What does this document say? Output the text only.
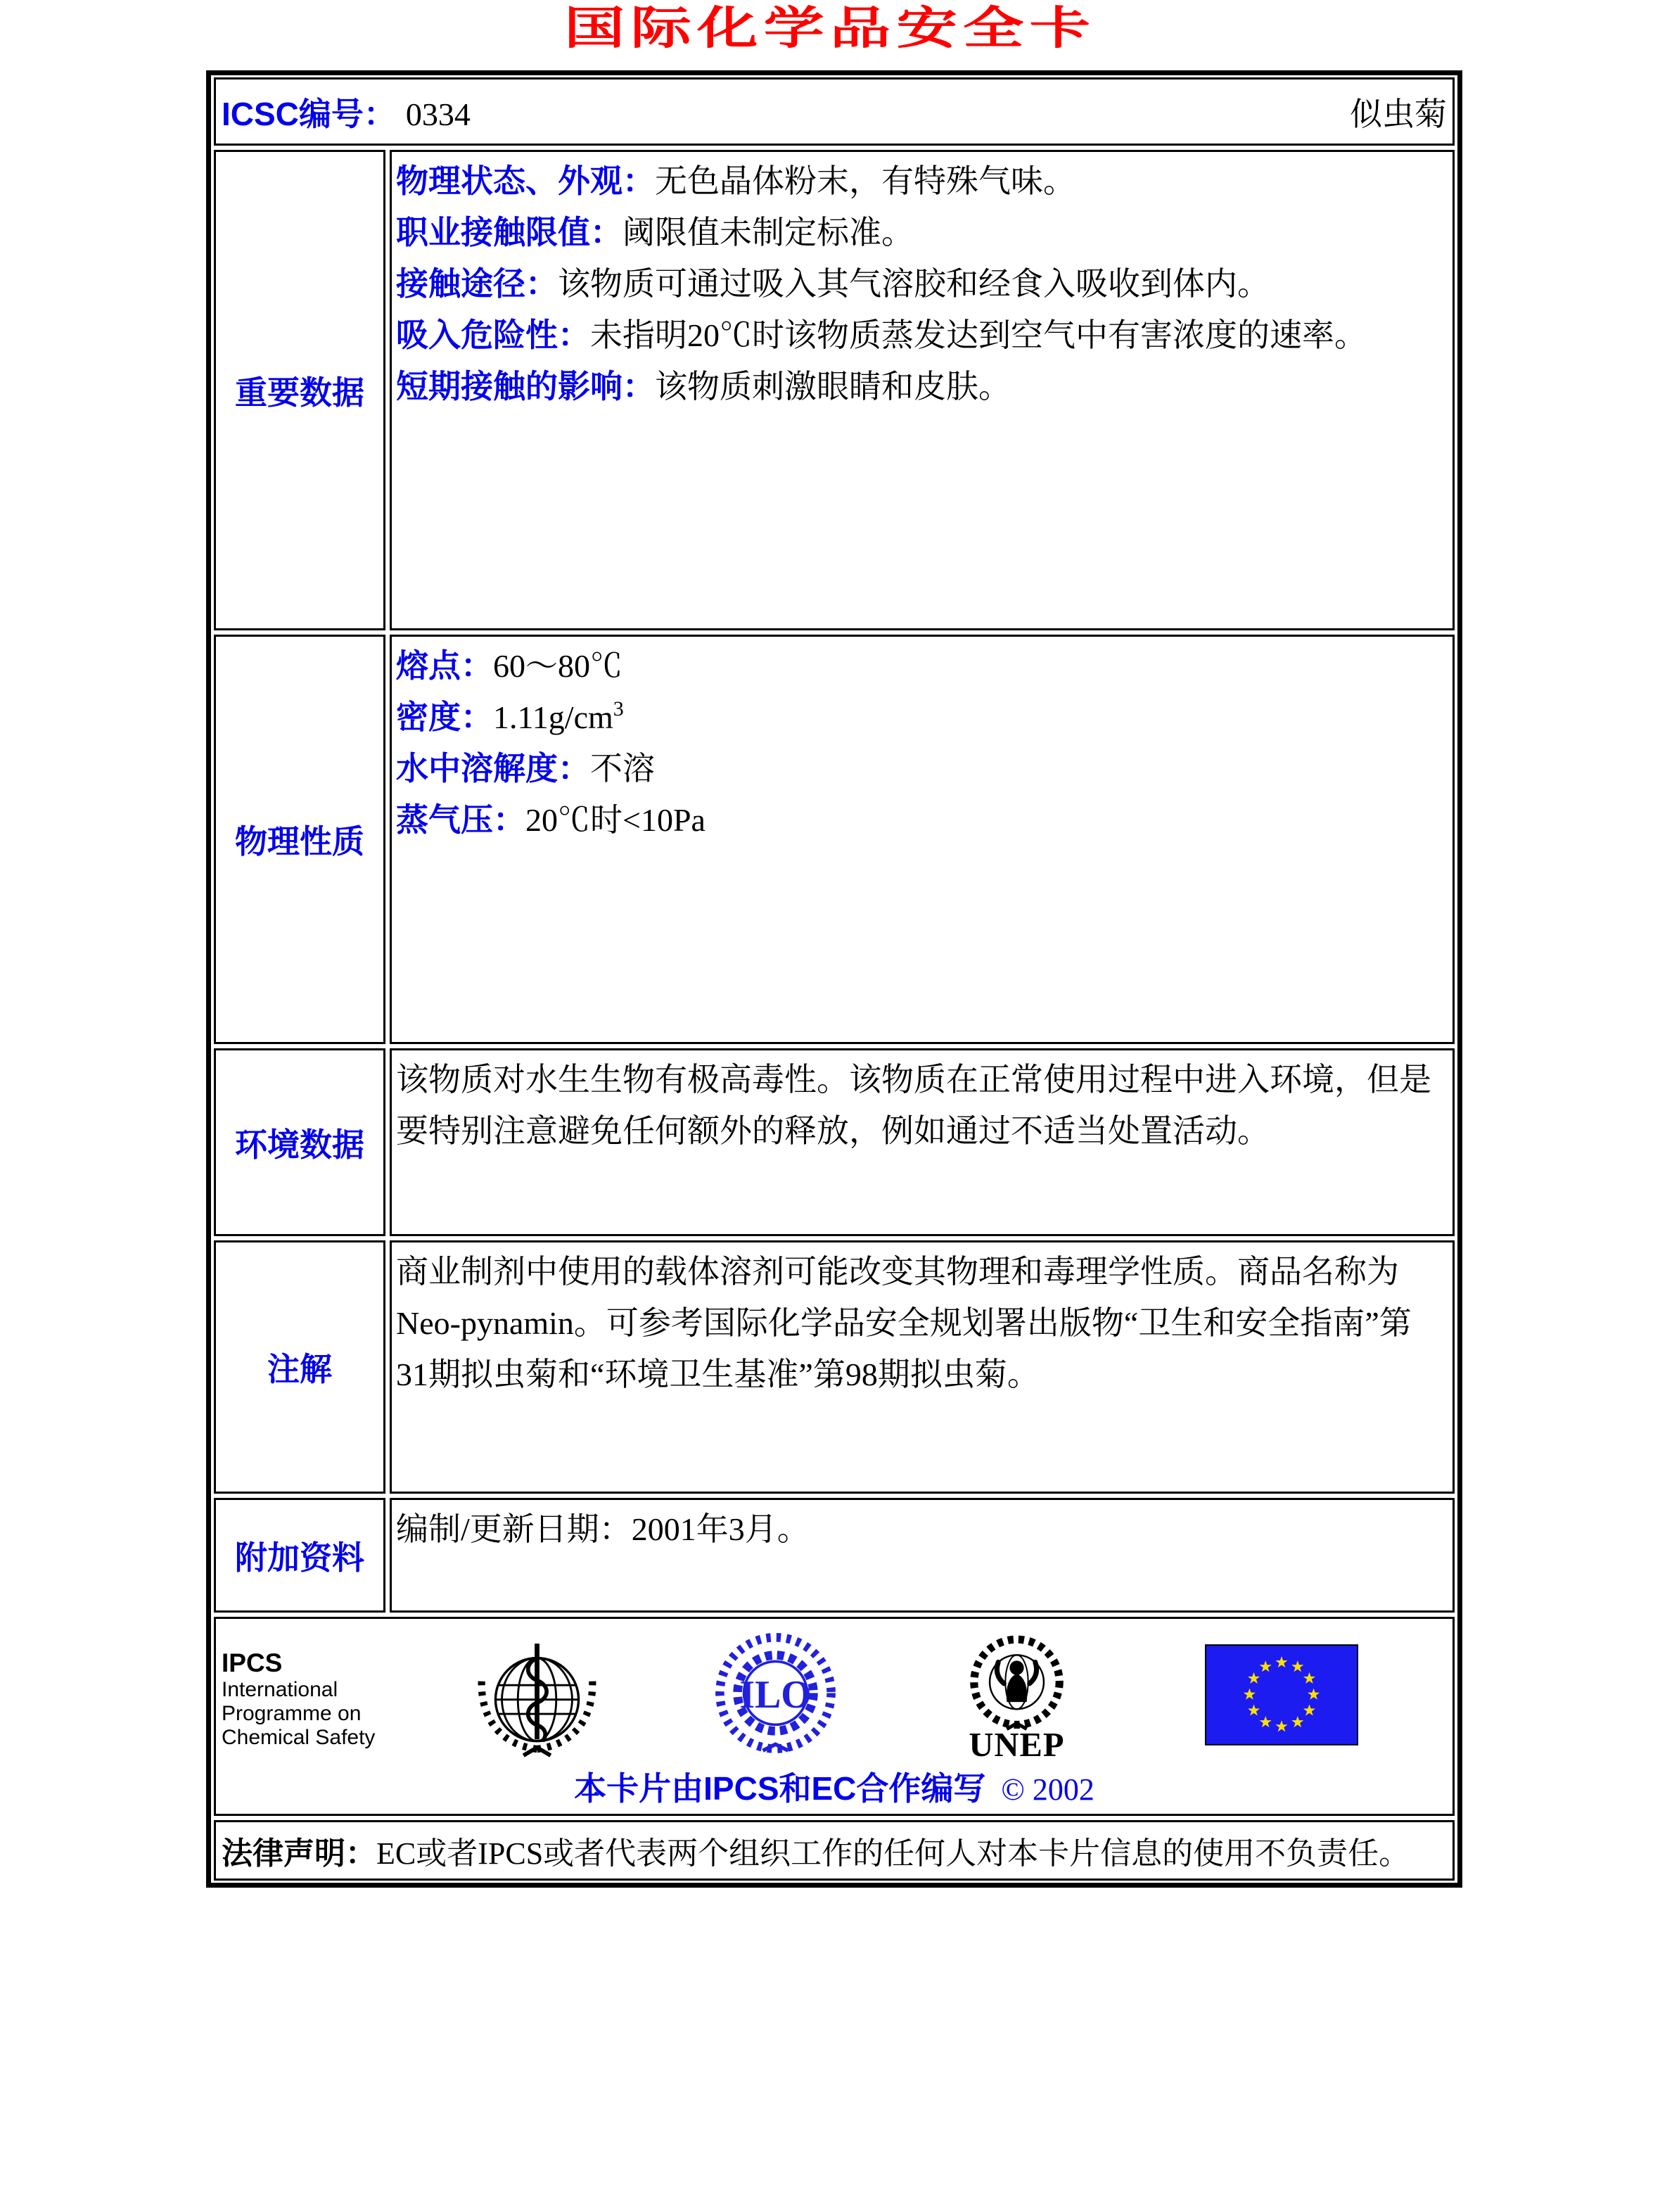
国际化学品安全卡
ICSC编号： 0334	似虫菊
重要数据
物理状态、外观：无色晶体粉末，有特殊气味。
职业接触限值：阈限值未制定标准。
接触途径：该物质可通过吸入其气溶胶和经食入吸收到体内。
吸入危险性：未指明20℃时该物质蒸发达到空气中有害浓度的速率。
短期接触的影响：该物质刺激眼睛和皮肤。
物理性质
熔点：60～80℃
密度：$1.11g/cm^3$
水中溶解度：不溶
蒸气压：20℃时<10Pa
环境数据
该物质对水生生物有极高毒性。该物质在正常使用过程中进入环境，但是要特别注意避免任何额外的释放，例如通过不适当处置活动。
注解
商业制剂中使用的载体溶剂可能改变其物理和毒理学性质。商品名称为Neo-pynamin。可参考国际化学品安全规划署出版物“卫生和安全指南”第31期拟虫菊和“环境卫生基准”第98期拟虫菊。
附加资料
编制/更新日期：2001年3月。
IPCS
International
Programme on
Chemical Safety
ILO
UNEP
本卡片由IPCS和EC合作编写 © 2002
法律声明： EC或者IPCS或者代表两个组织工作的任何人对本卡片信息的使用不负责任。
